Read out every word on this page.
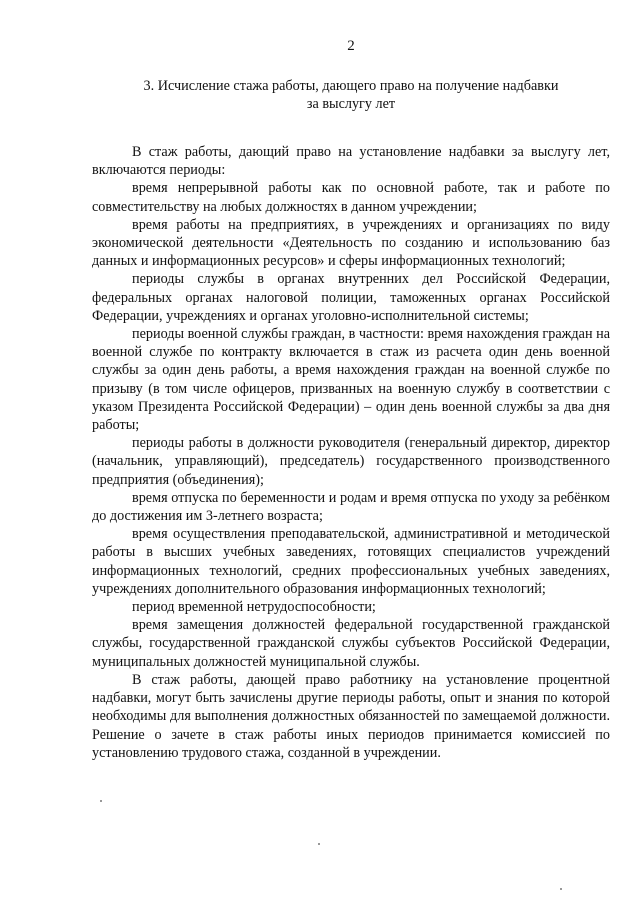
2
3. Исчисление стажа работы, дающего право на получение надбавки
за выслугу лет

В стаж работы, дающий право на установление надбавки за выслугу лет, включаются периоды:

время непрерывной работы как по основной работе, так и работе по совместительству на любых должностях в данном учреждении;

время работы на предприятиях, в учреждениях и организациях по виду экономической деятельности «Деятельность по созданию и использованию баз данных и информационных ресурсов» и сферы информационных технологий;

периоды службы в органах внутренних дел Российской Федерации, федеральных органах налоговой полиции, таможенных органах Российской Федерации, учреждениях и органах уголовно-исполнительной системы;

периоды военной службы граждан, в частности: время нахождения граждан на военной службе по контракту включается в стаж из расчета один день военной службы за один день работы, а время нахождения граждан на военной службе по призыву (в том числе офицеров, призванных на военную службу в соответствии с указом Президента Российской Федерации) – один день военной службы за два дня работы;

периоды работы в должности руководителя (генеральный директор, директор (начальник, управляющий), председатель) государственного производственного предприятия (объединения);

время отпуска по беременности и родам и время отпуска по уходу за ребёнком до достижения им 3-летнего возраста;

время осуществления преподавательской, административной и методической работы в высших учебных заведениях, готовящих специалистов учреждений информационных технологий, средних профессиональных учебных заведениях, учреждениях дополнительного образования информационных технологий;

период временной нетрудоспособности;

время замещения должностей федеральной государственной гражданской службы, государственной гражданской службы субъектов Российской Федерации, муниципальных должностей муниципальной службы.

В стаж работы, дающей право работнику на установление процентной надбавки, могут быть зачислены другие периоды работы, опыт и знания по которой необходимы для выполнения должностных обязанностей по замещаемой должности. Решение о зачете в стаж работы иных периодов принимается комиссией по установлению трудового стажа, созданной в учреждении.
